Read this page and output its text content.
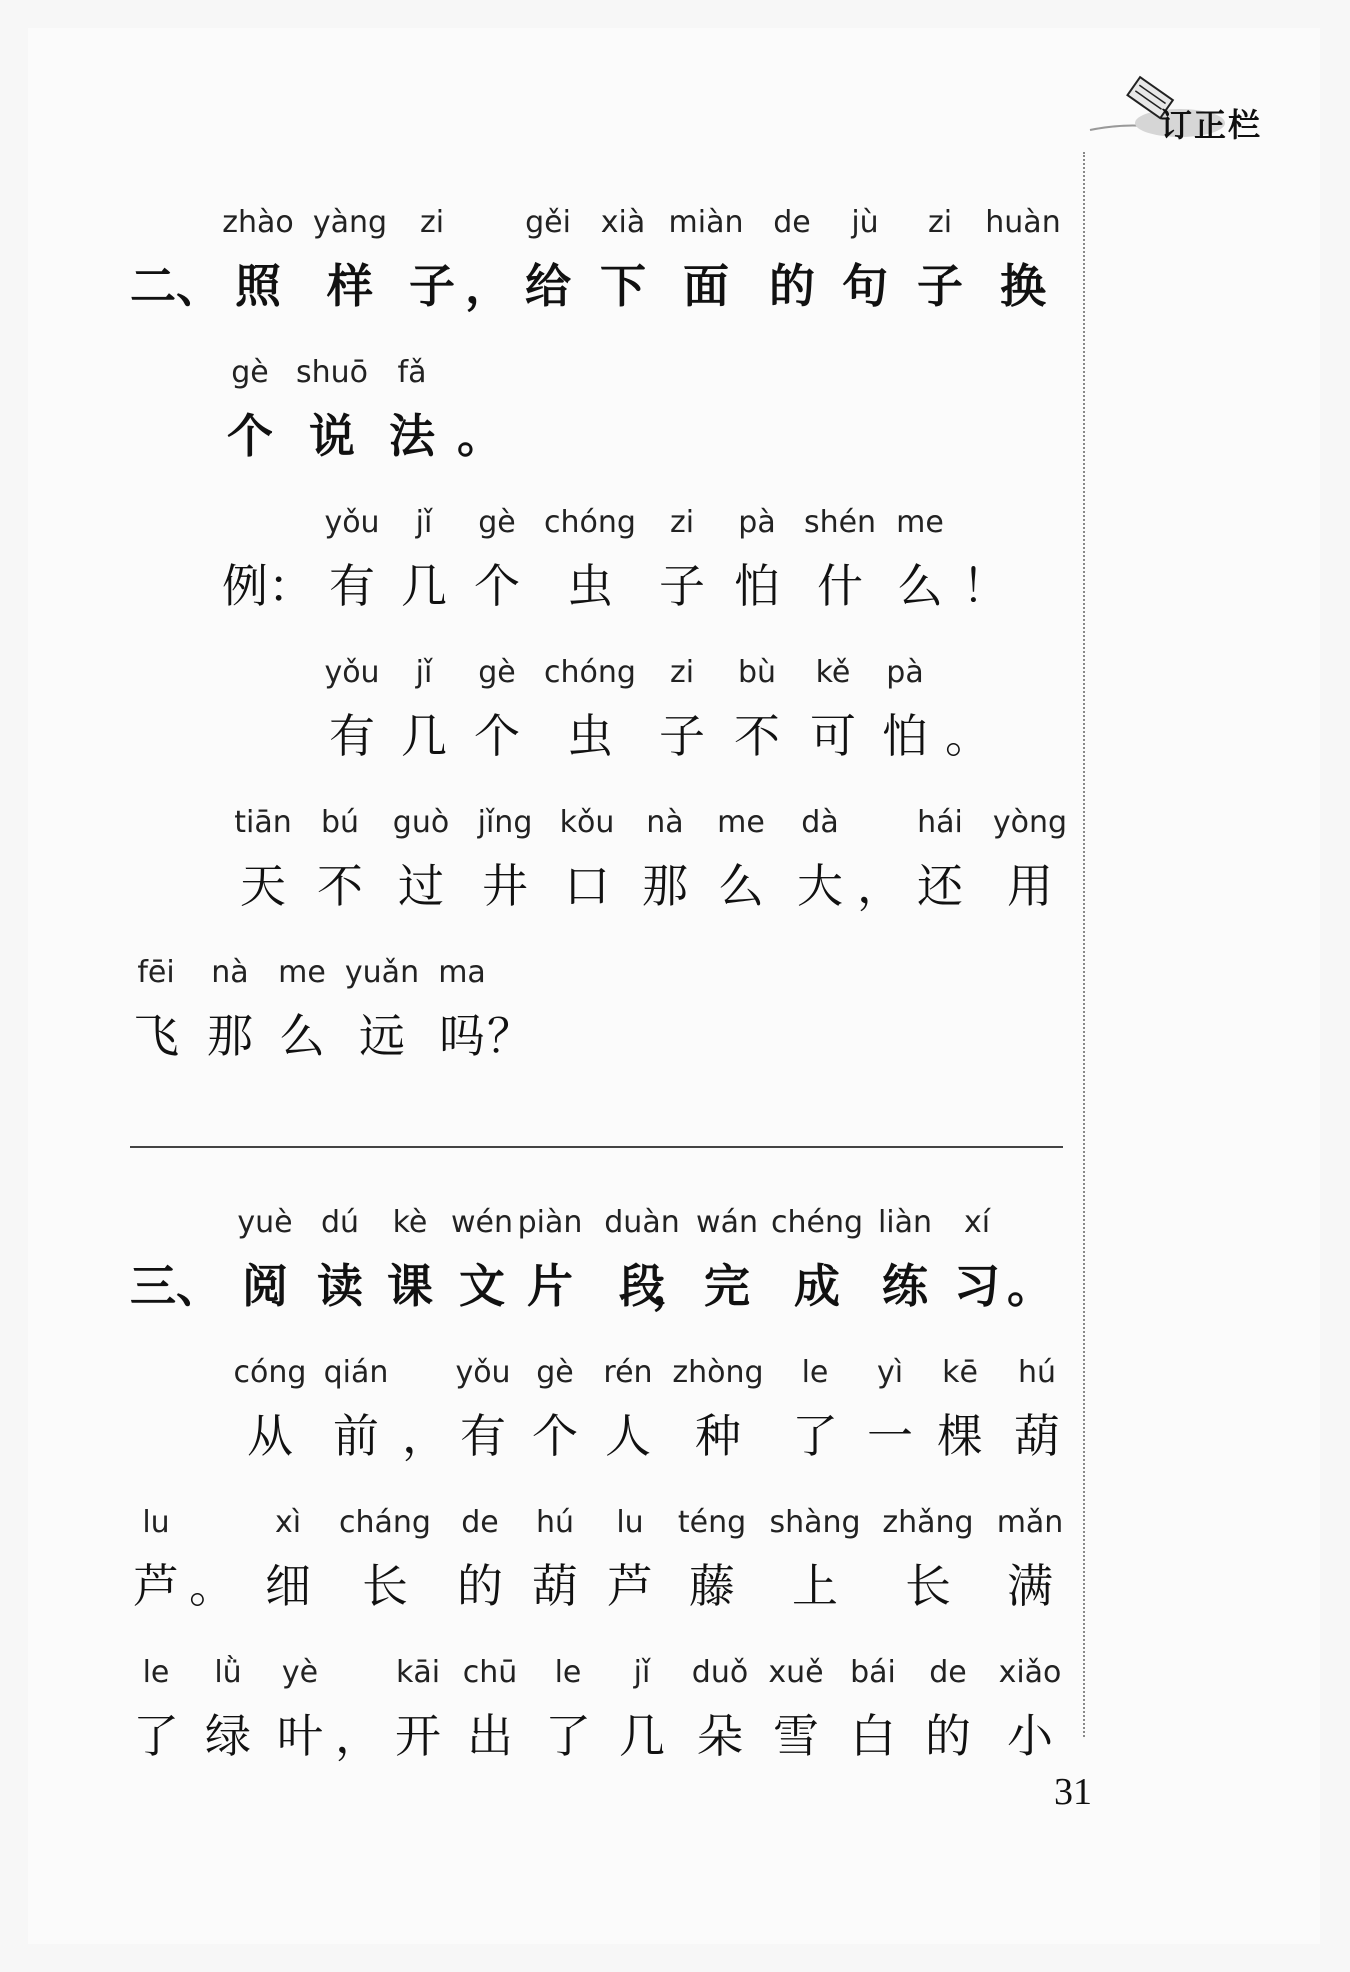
订正栏
二、
zhào
照
yàng
样
zi
子 ，
gěi
给
xià
下
miàn
面
de
的
jù
句
zi
子
huàn
换
gè
个
shuō
说
fǎ
法 。
例：
yǒu
有
jǐ
几
gè
个
chóng
虫
zi
子
pà
怕
shén
什
me
么 ！
yǒu
有
jǐ
几
gè
个
chóng
虫
zi
子
bù
不
kě
可
pà
怕 。
tiān
天
bú
不
guò
过
jǐng
井
kǒu
口
nà
那
me
么
dà
大 ，
hái
还
yòng
用
fēi
飞
nà
那
me
么
yuǎn
远
ma
吗 ？
三、
yuè
阅
dú
读
kè
课
wén
文
piàn
片
duàn
段
，
wán
完
chéng
成
liàn
练
xí
习 。
cóng
从
qián
前 ，
yǒu
有
gè
个
rén
人
zhòng
种
le
了
yì
一
kē
棵
hú
葫
lu
芦 。
xì
细
cháng
长
de
的
hú
葫
lu
芦
téng
藤
shàng
上
zhǎng
长
mǎn
满
le
了
lǜ
绿
yè
叶 ，
kāi
开
chū
出
le
了
jǐ
几
duǒ
朵
xuě
雪
bái
白
de
的
xiǎo
小
31
